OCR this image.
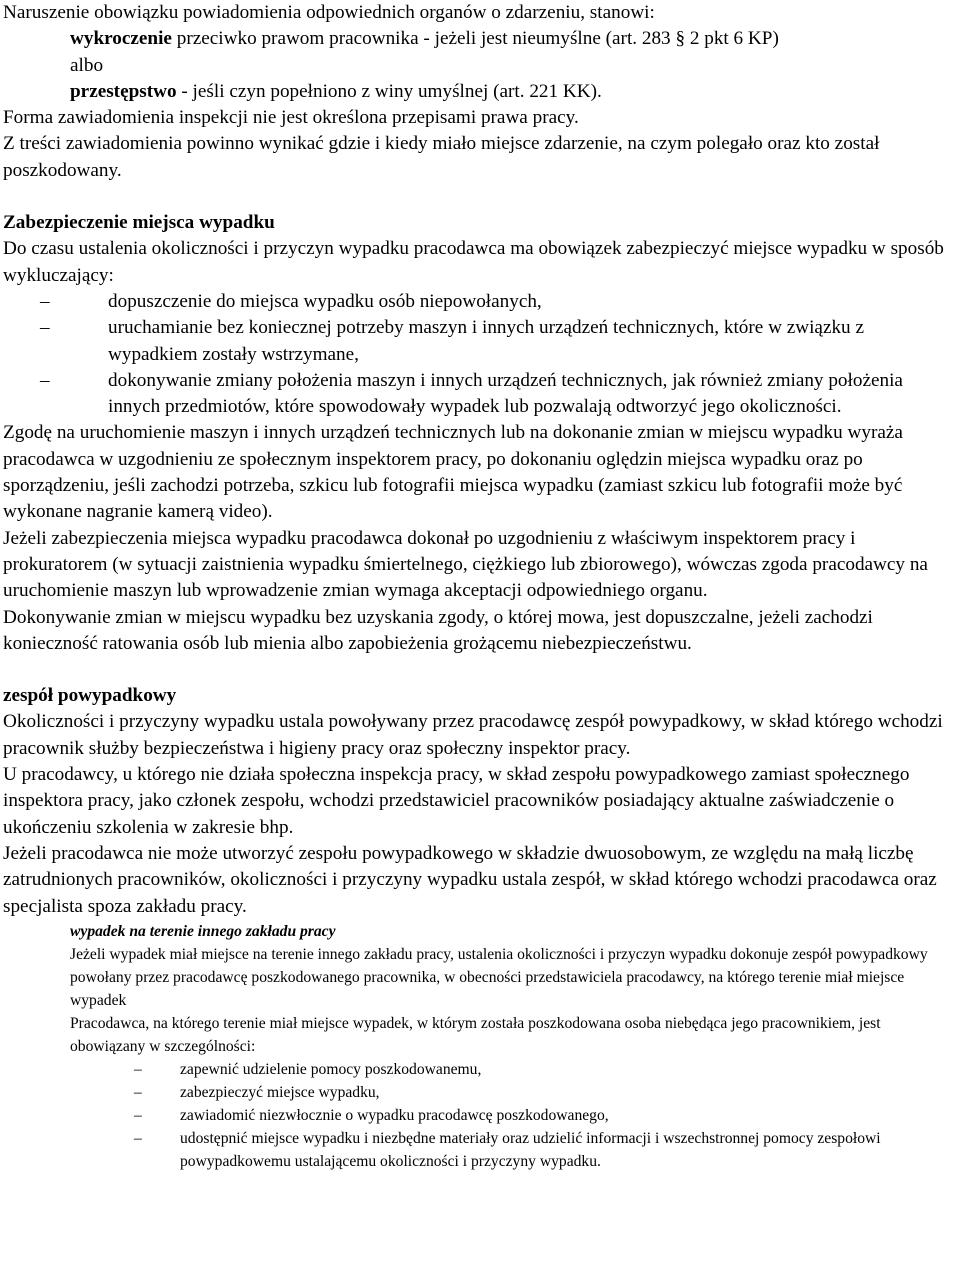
Naruszenie obowiązku powiadomienia odpowiednich organów o zdarzeniu, stanowi:

wykroczenie przeciwko prawom pracownika - jeżeli jest nieumyślne (art. 283 § 2 pkt 6 KP)

albo

przestępstwo - jeśli czyn popełniono z winy umyślnej (art. 221 KK).

Forma zawiadomienia inspekcji nie jest określona przepisami prawa pracy.

Z treści zawiadomienia powinno wynikać gdzie i kiedy miało miejsce zdarzenie, na czym polegało oraz kto został poszkodowany.

Zabezpieczenie miejsca wypadku

Do czasu ustalenia okoliczności i przyczyn wypadku pracodawca ma obowiązek zabezpieczyć miejsce wypadku w sposób wykluczający:

–	dopuszczenie do miejsca wypadku osób niepowołanych,
–	uruchamianie bez koniecznej potrzeby maszyn i innych urządzeń technicznych, które w związku z wypadkiem zostały wstrzymane,
–	dokonywanie zmiany położenia maszyn i innych urządzeń technicznych, jak również zmiany położenia innych przedmiotów, które spowodowały wypadek lub pozwalają odtworzyć jego okoliczności.

Zgodę na uruchomienie maszyn i innych urządzeń technicznych lub na dokonanie zmian w miejscu wypadku wyraża pracodawca w uzgodnieniu ze społecznym inspektorem pracy, po dokonaniu oględzin miejsca wypadku oraz po sporządzeniu, jeśli zachodzi potrzeba, szkicu lub fotografii miejsca wypadku (zamiast szkicu lub fotografii może być wykonane nagranie kamerą video).

Jeżeli zabezpieczenia miejsca wypadku pracodawca dokonał po uzgodnieniu z właściwym inspektorem pracy i prokuratorem (w sytuacji zaistnienia wypadku śmiertelnego, ciężkiego lub zbiorowego), wówczas zgoda pracodawcy na uruchomienie maszyn lub wprowadzenie zmian wymaga akceptacji odpowiedniego organu.

Dokonywanie zmian w miejscu wypadku bez uzyskania zgody, o której mowa, jest dopuszczalne, jeżeli zachodzi konieczność ratowania osób lub mienia albo zapobieżenia grożącemu niebezpieczeństwu.

zespół powypadkowy

Okoliczności i przyczyny wypadku ustala powoływany przez pracodawcę zespół powypadkowy, w skład którego wchodzi pracownik służby bezpieczeństwa i higieny pracy oraz społeczny inspektor pracy.

U pracodawcy, u którego nie działa społeczna inspekcja pracy, w skład zespołu powypadkowego zamiast społecznego inspektora pracy, jako członek zespołu, wchodzi przedstawiciel pracowników posiadający aktualne zaświadczenie o ukończeniu szkolenia w zakresie bhp.

Jeżeli pracodawca nie może utworzyć zespołu powypadkowego w składzie dwuosobowym, ze względu na małą liczbę zatrudnionych pracowników, okoliczności i przyczyny wypadku ustala zespół, w skład którego wchodzi pracodawca oraz specjalista spoza zakładu pracy.

wypadek na terenie innego zakładu pracy

Jeżeli wypadek miał miejsce na terenie innego zakładu pracy, ustalenia okoliczności i przyczyn wypadku dokonuje zespół powypadkowy powołany przez pracodawcę poszkodowanego pracownika, w obecności przedstawiciela pracodawcy, na którego terenie miał miejsce wypadek

Pracodawca, na którego terenie miał miejsce wypadek, w którym została poszkodowana osoba niebędąca jego pracownikiem, jest obowiązany w szczególności:

– zapewnić udzielenie pomocy poszkodowanemu,
– zabezpieczyć miejsce wypadku,
– zawiadomić niezwłocznie o wypadku pracodawcę poszkodowanego,
– udostępnić miejsce wypadku i niezbędne materiały oraz udzielić informacji i wszechstronnej pomocy zespołowi powypadkowemu ustalającemu okoliczności i przyczyny wypadku.
